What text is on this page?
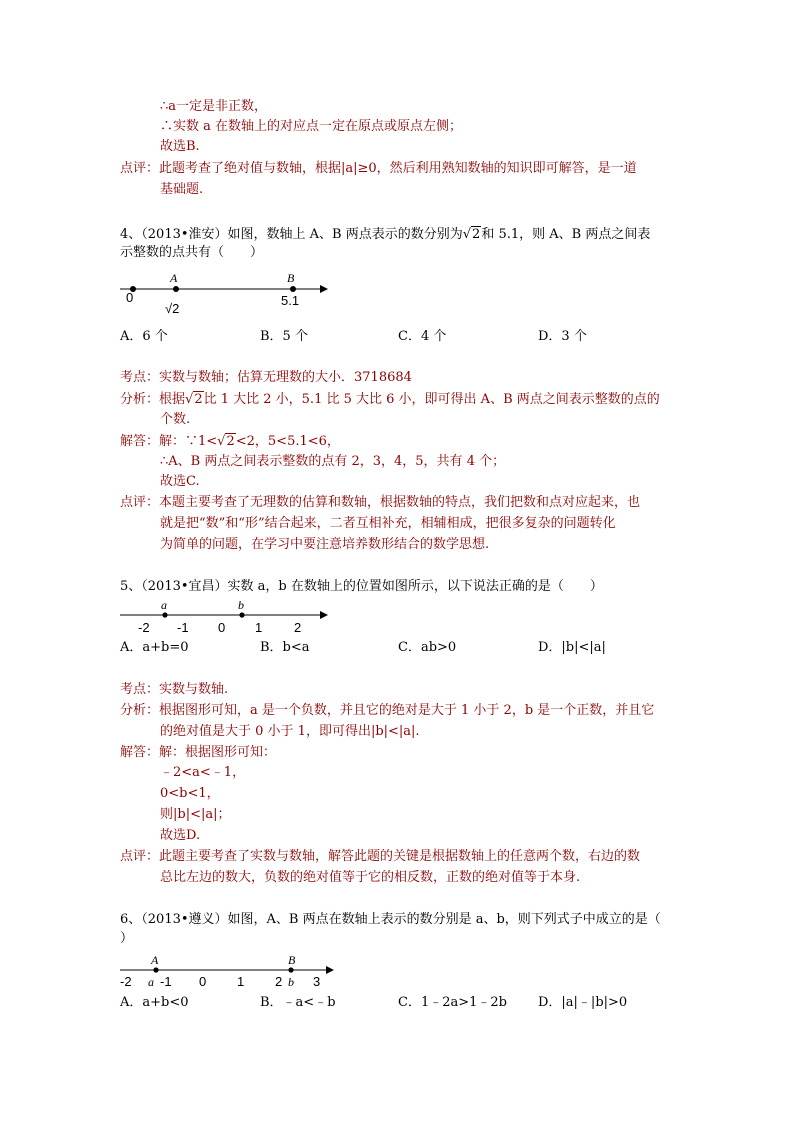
∴a一定是非正数，
∴实数 a 在数轴上的对应点一定在原点或原点左侧；
故选B.
点评：此题考查了绝对值与数轴，根据|a|≥0，然后利用熟知数轴的知识即可解答，是一道
基础题.
4、（2013•淮安）如图，数轴上 A、B 两点表示的数分别为√2和 5.1，则 A、B 两点之间表
示整数的点共有（　　）
0
A
√2
B
5.1
A．6 个	B．5 个	C．4 个	D．3 个
考点：实数与数轴；估算无理数的大小．3718684
分析：根据√2比 1 大比 2 小，5.1 比 5 大比 6 小，即可得出 A、B 两点之间表示整数的点的
个数.
解答：解：∵1<√2<2，5<5.1<6，
∴A、B 两点之间表示整数的点有 2，3，4，5，共有 4 个；
故选C.
点评：本题主要考查了无理数的估算和数轴，根据数轴的特点，我们把数和点对应起来，也
就是把“数”和“形”结合起来，二者互相补充，相辅相成，把很多复杂的问题转化
为简单的问题，在学习中要注意培养数形结合的数学思想.
5、（2013•宜昌）实数 a，b 在数轴上的位置如图所示，以下说法正确的是（　　）
a	b
-2 -1 0 1 2
A．a+b=0	B．b<a	C．ab>0	D．|b|<|a|
考点：实数与数轴.
分析：根据图形可知，a 是一个负数，并且它的绝对是大于 1 小于 2，b 是一个正数，并且它
的绝对值是大于 0 小于 1，即可得出|b|<|a|.
解答：解：根据图形可知：
﹣2<a<﹣1，
0<b<1，
则|b|<|a|；
故选D.
点评：此题主要考查了实数与数轴，解答此题的关键是根据数轴上的任意两个数，右边的数
总比左边的数大，负数的绝对值等于它的相反数，正数的绝对值等于本身.
6、（2013•遵义）如图，A、B 两点在数轴上表示的数分别是 a、b，则下列式子中成立的是（
）
A	B
-2 a -1 0 1 2 b 3
A．a+b<0	B．﹣a<﹣b	C．1﹣2a>1﹣2b D．|a|﹣|b|>0
